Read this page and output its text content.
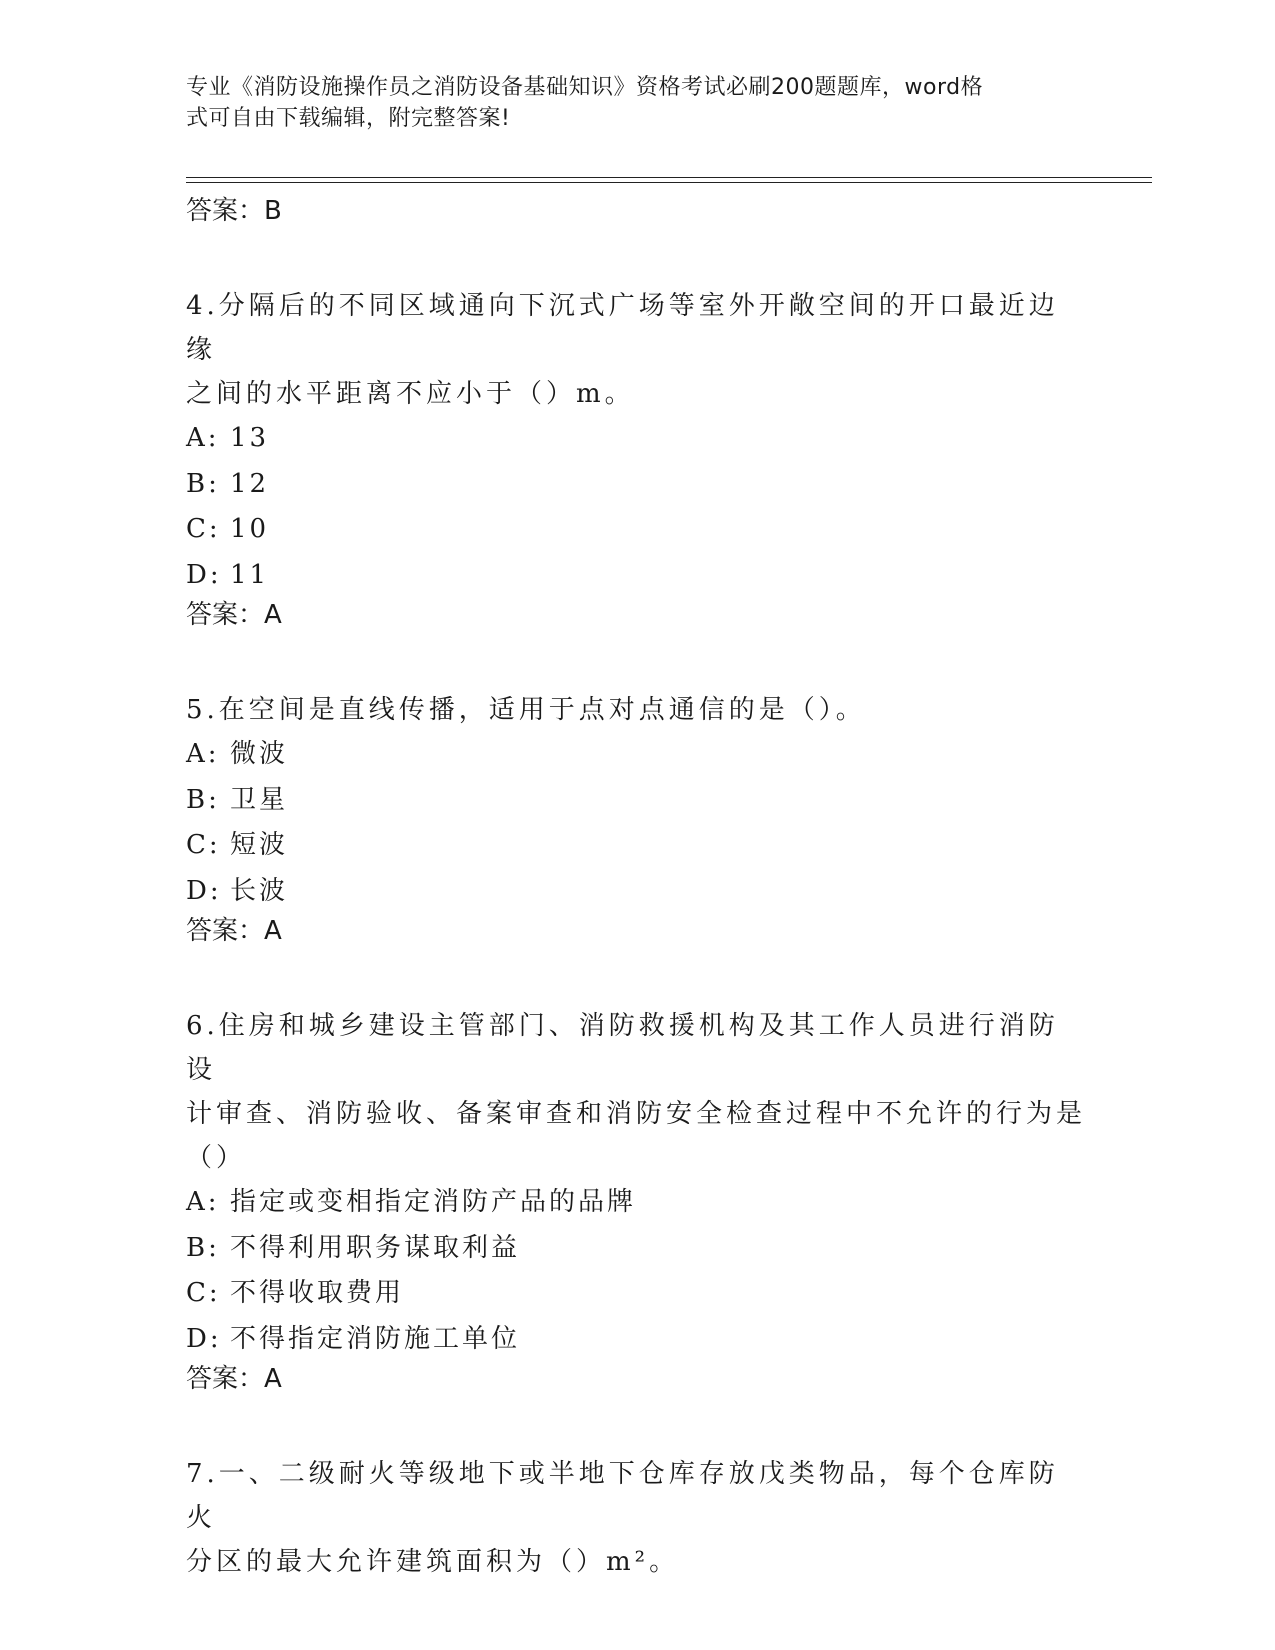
专业《消防设施操作员之消防设备基础知识》资格考试必刷200题题库，word格
式可自由下载编辑，附完整答案!
答案：B
4.分隔后的不同区域通向下沉式广场等室外开敞空间的开口最近边缘
之间的水平距离不应小于（）m。
A: 13
B: 12
C: 10
D: 11
答案：A
5.在空间是直线传播，适用于点对点通信的是（）。
A: 微波
B: 卫星
C: 短波
D: 长波
答案：A
6.住房和城乡建设主管部门、消防救援机构及其工作人员进行消防设
计审查、消防验收、备案审查和消防安全检查过程中不允许的行为是
（）
A: 指定或变相指定消防产品的品牌
B: 不得利用职务谋取利益
C: 不得收取费用
D: 不得指定消防施工单位
答案：A
7.一、二级耐火等级地下或半地下仓库存放戊类物品，每个仓库防火
分区的最大允许建筑面积为（）m²。
